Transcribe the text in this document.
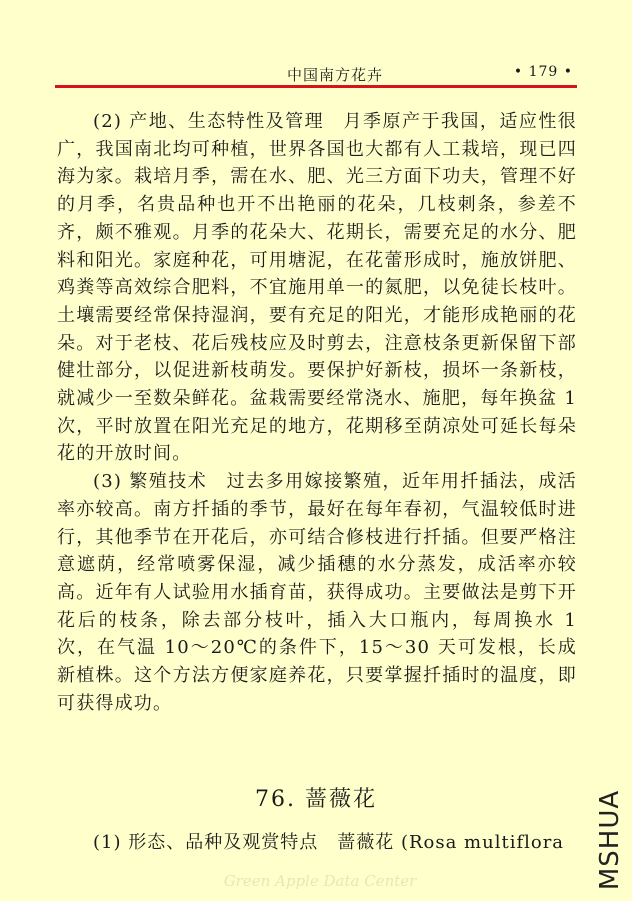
中国南方花卉	• 179 •

(2) 产地、生态特性及管理　月季原产于我国，适应性很广，我国南北均可种植，世界各国也大都有人工栽培，现已四海为家。栽培月季，需在水、肥、光三方面下功夫，管理不好的月季，名贵品种也开不出艳丽的花朵，几枝刺条，参差不齐，颇不雅观。月季的花朵大、花期长，需要充足的水分、肥料和阳光。家庭种花，可用塘泥，在花蕾形成时，施放饼肥、鸡粪等高效综合肥料，不宜施用单一的氮肥，以免徒长枝叶。土壤需要经常保持湿润，要有充足的阳光，才能形成艳丽的花朵。对于老枝、花后残枝应及时剪去，注意枝条更新保留下部健壮部分，以促进新枝萌发。要保护好新枝，损坏一条新枝，就减少一至数朵鲜花。盆栽需要经常浇水、施肥，每年换盆 1 次，平时放置在阳光充足的地方，花期移至荫凉处可延长每朵花的开放时间。

(3) 繁殖技术　过去多用嫁接繁殖，近年用扦插法，成活率亦较高。南方扦插的季节，最好在每年春初，气温较低时进行，其他季节在开花后，亦可结合修枝进行扦插。但要严格注意遮荫，经常喷雾保湿，减少插穗的水分蒸发，成活率亦较高。近年有人试验用水插育苗，获得成功。主要做法是剪下开花后的枝条，除去部分枝叶，插入大口瓶内，每周换水 1 次，在气温 10～20℃的条件下，15～30 天可发根，长成新植株。这个方法方便家庭养花，只要掌握扦插时的温度，即可获得成功。

76. 蔷薇花
(1) 形态、品种及观赏特点　蔷薇花 (Rosa multiflora
Green Apple Data Center	MSHUA
